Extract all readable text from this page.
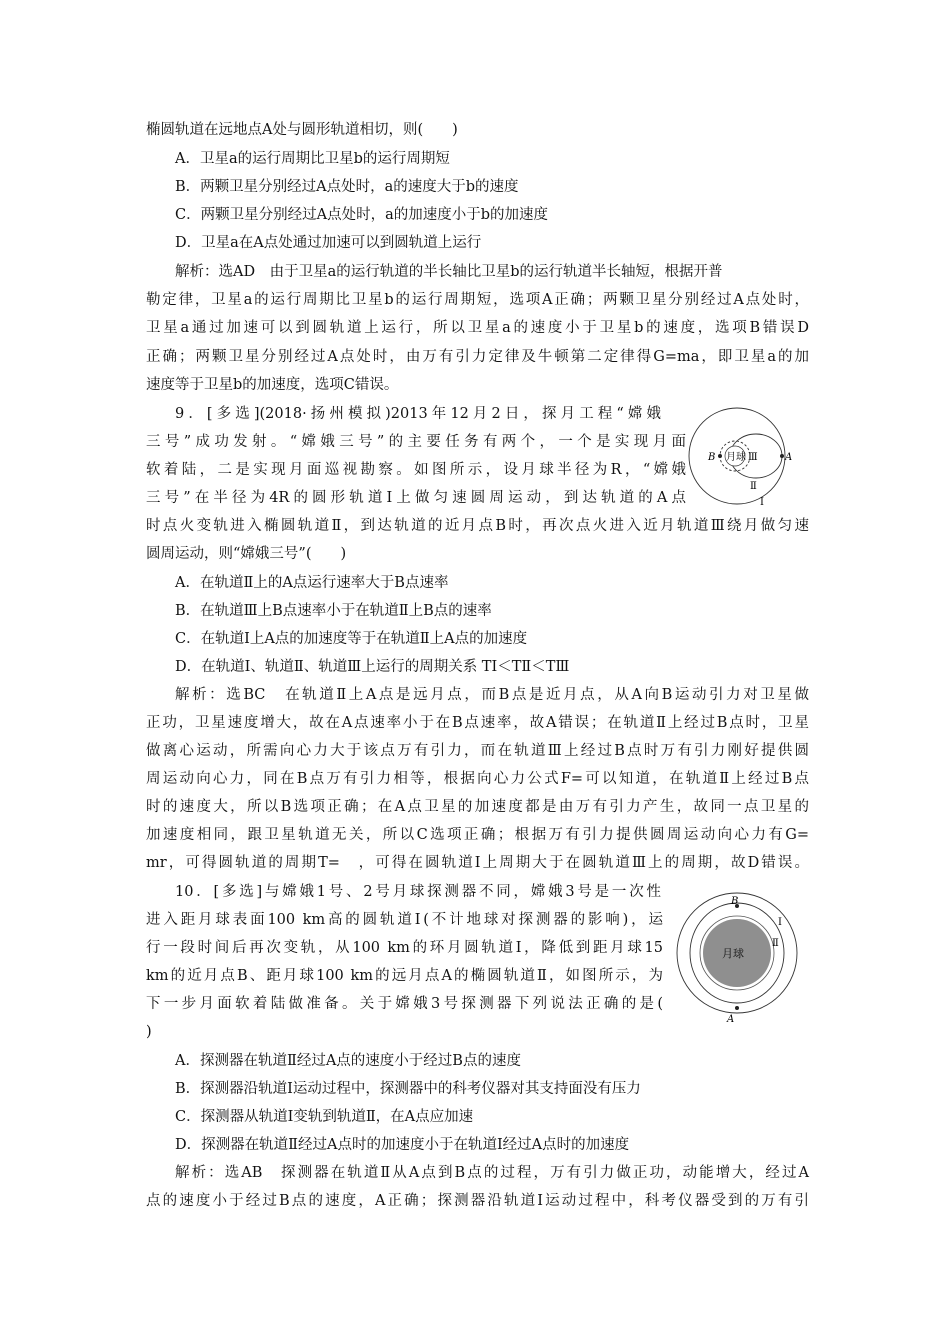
椭圆轨道在远地点A处与圆形轨道相切，则(　　)
A．卫星a的运行周期比卫星b的运行周期短
B．两颗卫星分别经过A点处时，a的速度大于b的速度
C．两颗卫星分别经过A点处时，a的加速度小于b的加速度
D．卫星a在A点处通过加速可以到圆轨道上运行
解析：选AD　由于卫星a的运行轨道的半长轴比卫星b的运行轨道半长轴短，根据开普
勒定律，卫星a的运行周期比卫星b的运行周期短，选项A正确；两颗卫星分别经过A点处时，
卫星a通过加速可以到圆轨道上运行，所以卫星a的速度小于卫星b的速度，选项B错误D
正确；两颗卫星分别经过A点处时，由万有引力定律及牛顿第二定律得G=ma，即卫星a的加
速度等于卫星b的加速度，选项C错误。
9．[多选](2018·扬州模拟)2013年12月2日，探月工程“嫦娥
三号”成功发射。“嫦娥三号”的主要任务有两个，一个是实现月面
软着陆，二是实现月面巡视勘察。如图所示，设月球半径为R，“嫦娥
三号”在半径为4R的圆形轨道Ⅰ上做匀速圆周运动，到达轨道的A点
时点火变轨进入椭圆轨道Ⅱ，到达轨道的近月点B时，再次点火进入近月轨道Ⅲ绕月做匀速
圆周运动，则“嫦娥三号”(　　)
月球 Ⅲ
B	A
Ⅱ
Ⅰ
A．在轨道Ⅱ上的A点运行速率大于B点速率
B．在轨道Ⅲ上B点速率小于在轨道Ⅱ上B点的速率
C．在轨道Ⅰ上A点的加速度等于在轨道Ⅱ上A点的加速度
D．在轨道Ⅰ、轨道Ⅱ、轨道Ⅲ上运行的周期关系 TⅠ＜TⅡ＜TⅢ
解析：选BC　在轨道Ⅱ上A点是远月点，而B点是近月点，从A向B运动引力对卫星做
正功，卫星速度增大，故在A点速率小于在B点速率，故A错误；在轨道Ⅱ上经过B点时，卫星
做离心运动，所需向心力大于该点万有引力，而在轨道Ⅲ上经过B点时万有引力刚好提供圆
周运动向心力，同在B点万有引力相等，根据向心力公式F=可以知道，在轨道Ⅱ上经过B点
时的速度大，所以B选项正确；在A点卫星的加速度都是由万有引力产生，故同一点卫星的
加速度相同，跟卫星轨道无关，所以C选项正确；根据万有引力提供圆周运动向心力有G=
mr，可得圆轨道的周期T=　，可得在圆轨道Ⅰ上周期大于在圆轨道Ⅲ上的周期，故D错误。
10．[多选]与嫦娥1号、2号月球探测器不同，嫦娥3号是一次性
进入距月球表面100 km高的圆轨道Ⅰ(不计地球对探测器的影响)，运
行一段时间后再次变轨，从100 km的环月圆轨道Ⅰ，降低到距月球15
km的近月点B、距月球100 km的远月点A的椭圆轨道Ⅱ，如图所示，为
下一步月面软着陆做准备。关于嫦娥3号探测器下列说法正确的是(
)
月球
B
A
Ⅰ
Ⅱ
A．探测器在轨道Ⅱ经过A点的速度小于经过B点的速度
B．探测器沿轨道Ⅰ运动过程中，探测器中的科考仪器对其支持面没有压力
C．探测器从轨道Ⅰ变轨到轨道Ⅱ，在A点应加速
D．探测器在轨道Ⅱ经过A点时的加速度小于在轨道Ⅰ经过A点时的加速度
解析：选AB　探测器在轨道Ⅱ从A点到B点的过程，万有引力做正功，动能增大，经过A
点的速度小于经过B点的速度，A正确；探测器沿轨道Ⅰ运动过程中，科考仪器受到的万有引
